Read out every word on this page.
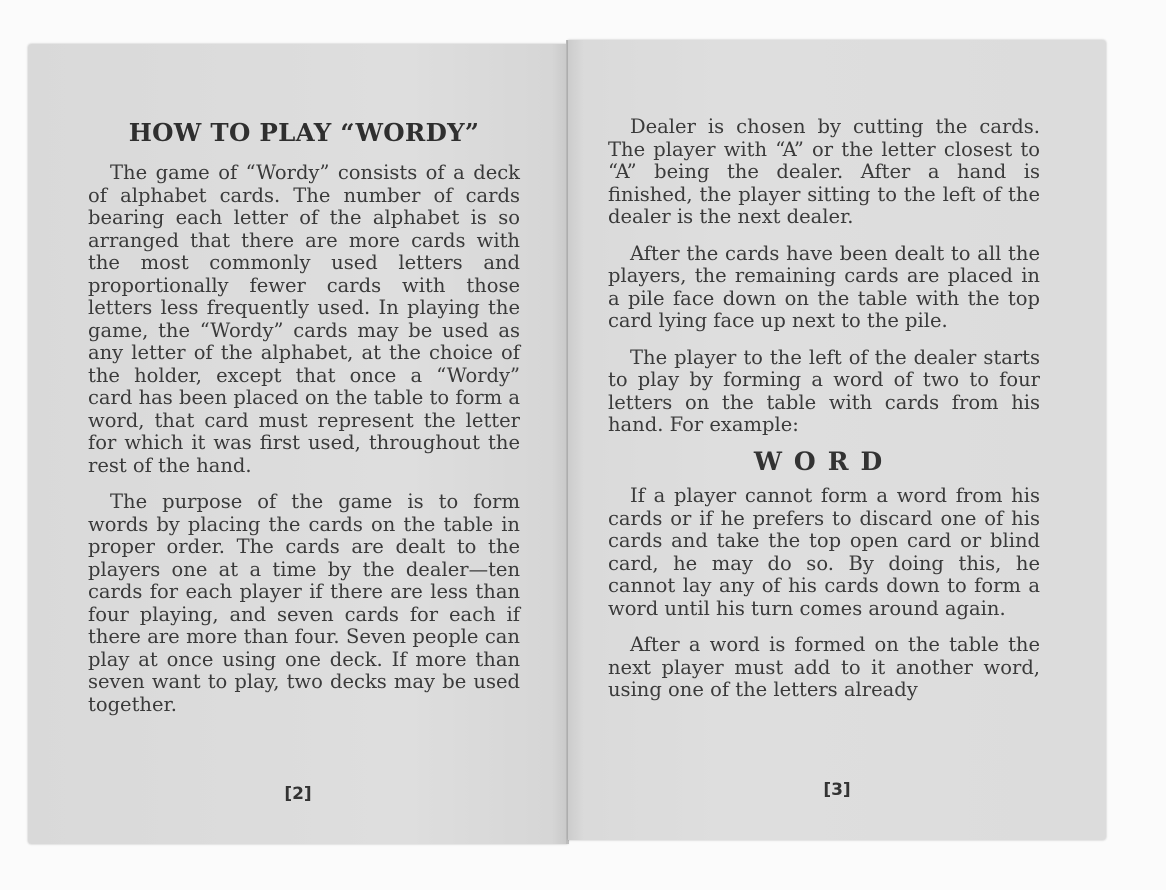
HOW TO PLAY “WORDY”

The game of “Wordy” consists of a deck of alphabet cards. The number of cards bearing each letter of the alphabet is so arranged that there are more cards with the most commonly used letters and proportionally fewer cards with those letters less frequently used. In playing the game, the “Wordy” cards may be used as any letter of the alphabet, at the choice of the holder, except that once a “Wordy” card has been placed on the table to form a word, that card must represent the letter for which it was first used, throughout the rest of the hand.

The purpose of the game is to form words by placing the cards on the table in proper order. The cards are dealt to the players one at a time by the dealer—ten cards for each player if there are less than four playing, and seven cards for each if there are more than four. Seven people can play at once using one deck. If more than seven want to play, two decks may be used together.

[2]

Dealer is chosen by cutting the cards. The player with “A” or the letter closest to “A” being the dealer. After a hand is finished, the player sitting to the left of the dealer is the next dealer.

After the cards have been dealt to all the players, the remaining cards are placed in a pile face down on the table with the top card lying face up next to the pile.

The player to the left of the dealer starts to play by forming a word of two to four letters on the table with cards from his hand. For example:

WORD

If a player cannot form a word from his cards or if he prefers to discard one of his cards and take the top open card or blind card, he may do so. By doing this, he cannot lay any of his cards down to form a word until his turn comes around again.

After a word is formed on the table the next player must add to it another word, using one of the letters already

[3]
